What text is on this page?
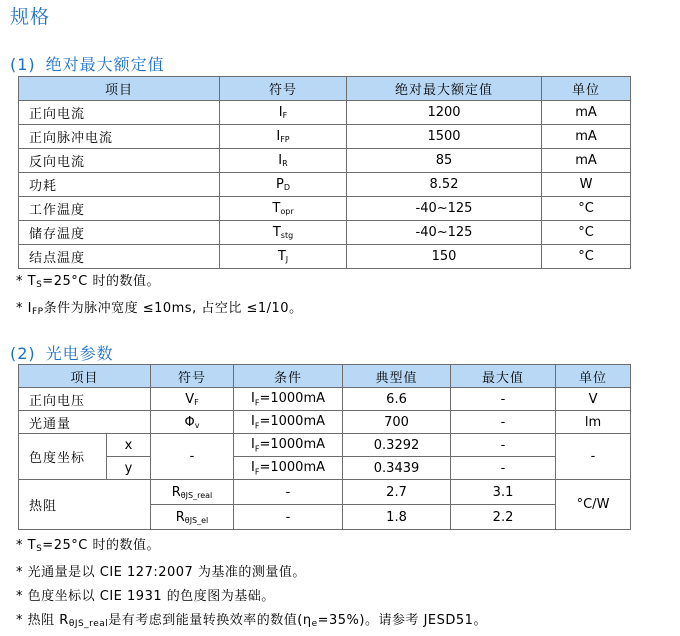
规格
(1) 绝对最大额定值
项目	符号	绝对最大额定值	单位
正向电流	$I_F$	1200	mA
正向脉冲电流	$I_{FP}$	1500	mA
反向电流	$I_R$	85	mA
功耗	$P_D$	8.52	W
工作温度	$T_{opr}$	-40~125	°C
储存温度	$T_{stg}$	-40~125	°C
结点温度	$T_J$	150	°C
* $T_S=25^\circ C$ 时的数值。
* $I_{FP}$条件为脉冲宽度 ≤10ms, 占空比 ≤1/10。
(2) 光电参数
项目		符号	条件	典型值	最大值	单位
正向电压		$V_F$	$I_F=1000mA$	6.6	-	V
光通量		$\Phi_v$	$I_F=1000mA$	700	-	lm
色度坐标	x	-	$I_F=1000mA$	0.3292	-	-
	y		$I_F=1000mA$	0.3439	-	
热阻		$R_{\theta JS\_real}$	-	2.7	3.1	°C/W
		$R_{\theta JS\_el}$	-	1.8	2.2	
* $T_S=25^\circ C$ 时的数值。
* 光通量是以 CIE 127:2007 为基准的测量值。
* 色度坐标以 CIE 1931 的色度图为基础。
* 热阻 $R_{\theta JS\_real}$是有考虑到能量转换效率的数值$(\eta_e=35\%)$。请参考 JESD51。
